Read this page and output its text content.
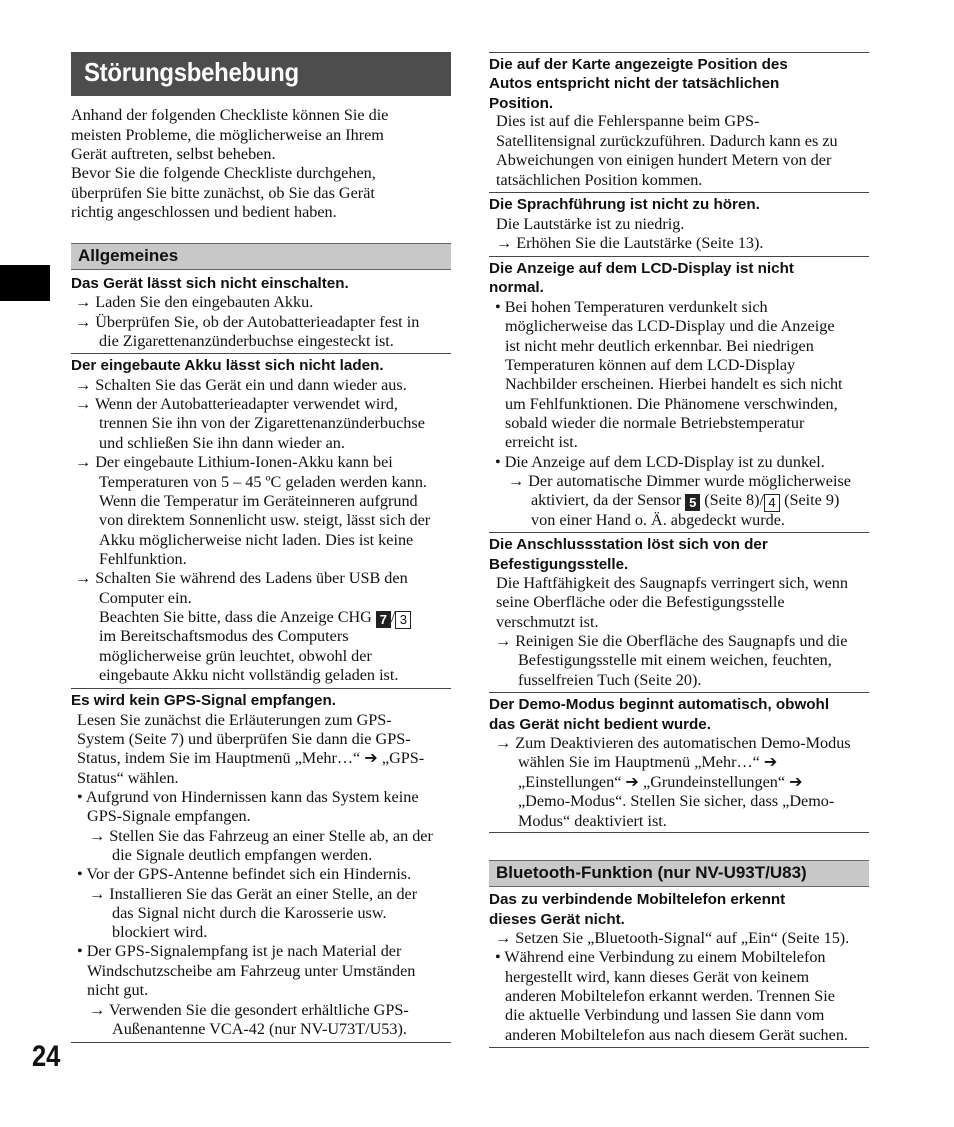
Störungsbehebung
Anhand der folgenden Checkliste können Sie die
meisten Probleme, die möglicherweise an Ihrem
Gerät auftreten, selbst beheben.
Bevor Sie die folgende Checkliste durchgehen,
überprüfen Sie bitte zunächst, ob Sie das Gerät
richtig angeschlossen und bedient haben.
Allgemeines
Das Gerät lässt sich nicht einschalten.
→ Laden Sie den eingebauten Akku.
→ Überprüfen Sie, ob der Autobatterieadapter fest in
die Zigarettenanzünderbuchse eingesteckt ist.
Der eingebaute Akku lässt sich nicht laden.
→ Schalten Sie das Gerät ein und dann wieder aus.
→ Wenn der Autobatterieadapter verwendet wird,
trennen Sie ihn von der Zigarettenanzünderbuchse
und schließen Sie ihn dann wieder an.
→ Der eingebaute Lithium-Ionen-Akku kann bei
Temperaturen von 5 – 45 ºC geladen werden kann.
Wenn die Temperatur im Geräteinneren aufgrund
von direktem Sonnenlicht usw. steigt, lässt sich der
Akku möglicherweise nicht laden. Dies ist keine
Fehlfunktion.
→ Schalten Sie während des Ladens über USB den
Computer ein.
Beachten Sie bitte, dass die Anzeige CHG 7 / 3
im Bereitschaftsmodus des Computers
möglicherweise grün leuchtet, obwohl der
eingebaute Akku nicht vollständig geladen ist.
Es wird kein GPS-Signal empfangen.
Lesen Sie zunächst die Erläuterungen zum GPS-
System (Seite 7) und überprüfen Sie dann die GPS-
Status, indem Sie im Hauptmenü „Mehr…“ ➔ „GPS-
Status“ wählen.
• Aufgrund von Hindernissen kann das System keine
GPS-Signale empfangen.
→ Stellen Sie das Fahrzeug an einer Stelle ab, an der
die Signale deutlich empfangen werden.
• Vor der GPS-Antenne befindet sich ein Hindernis.
→ Installieren Sie das Gerät an einer Stelle, an der
das Signal nicht durch die Karosserie usw.
blockiert wird.
• Der GPS-Signalempfang ist je nach Material der
Windschutzscheibe am Fahrzeug unter Umständen
nicht gut.
→ Verwenden Sie die gesondert erhältliche GPS-
Außenantenne VCA-42 (nur NV-U73T/U53).
24
Die auf der Karte angezeigte Position des
Autos entspricht nicht der tatsächlichen
Position.
Dies ist auf die Fehlerspanne beim GPS-
Satellitensignal zurückzuführen. Dadurch kann es zu
Abweichungen von einigen hundert Metern von der
tatsächlichen Position kommen.
Die Sprachführung ist nicht zu hören.
Die Lautstärke ist zu niedrig.
→ Erhöhen Sie die Lautstärke (Seite 13).
Die Anzeige auf dem LCD-Display ist nicht
normal.
• Bei hohen Temperaturen verdunkelt sich
möglicherweise das LCD-Display und die Anzeige
ist nicht mehr deutlich erkennbar. Bei niedrigen
Temperaturen können auf dem LCD-Display
Nachbilder erscheinen. Hierbei handelt es sich nicht
um Fehlfunktionen. Die Phänomene verschwinden,
sobald wieder die normale Betriebstemperatur
erreicht ist.
• Die Anzeige auf dem LCD-Display ist zu dunkel.
→ Der automatische Dimmer wurde möglicherweise
aktiviert, da der Sensor 5 (Seite 8)/ 4 (Seite 9)
von einer Hand o. Ä. abgedeckt wurde.
Die Anschlussstation löst sich von der
Befestigungsstelle.
Die Haftfähigkeit des Saugnapfs verringert sich, wenn
seine Oberfläche oder die Befestigungsstelle
verschmutzt ist.
→ Reinigen Sie die Oberfläche des Saugnapfs und die
Befestigungsstelle mit einem weichen, feuchten,
fusselfreien Tuch (Seite 20).
Der Demo-Modus beginnt automatisch, obwohl
das Gerät nicht bedient wurde.
→ Zum Deaktivieren des automatischen Demo-Modus
wählen Sie im Hauptmenü „Mehr…“ ➔
„Einstellungen“ ➔ „Grundeinstellungen“ ➔
„Demo-Modus“. Stellen Sie sicher, dass „Demo-
Modus“ deaktiviert ist.
Bluetooth-Funktion (nur NV-U93T/U83)
Das zu verbindende Mobiltelefon erkennt
dieses Gerät nicht.
→ Setzen Sie „Bluetooth-Signal“ auf „Ein“ (Seite 15).
• Während eine Verbindung zu einem Mobiltelefon
hergestellt wird, kann dieses Gerät von keinem
anderen Mobiltelefon erkannt werden. Trennen Sie
die aktuelle Verbindung und lassen Sie dann vom
anderen Mobiltelefon aus nach diesem Gerät suchen.
